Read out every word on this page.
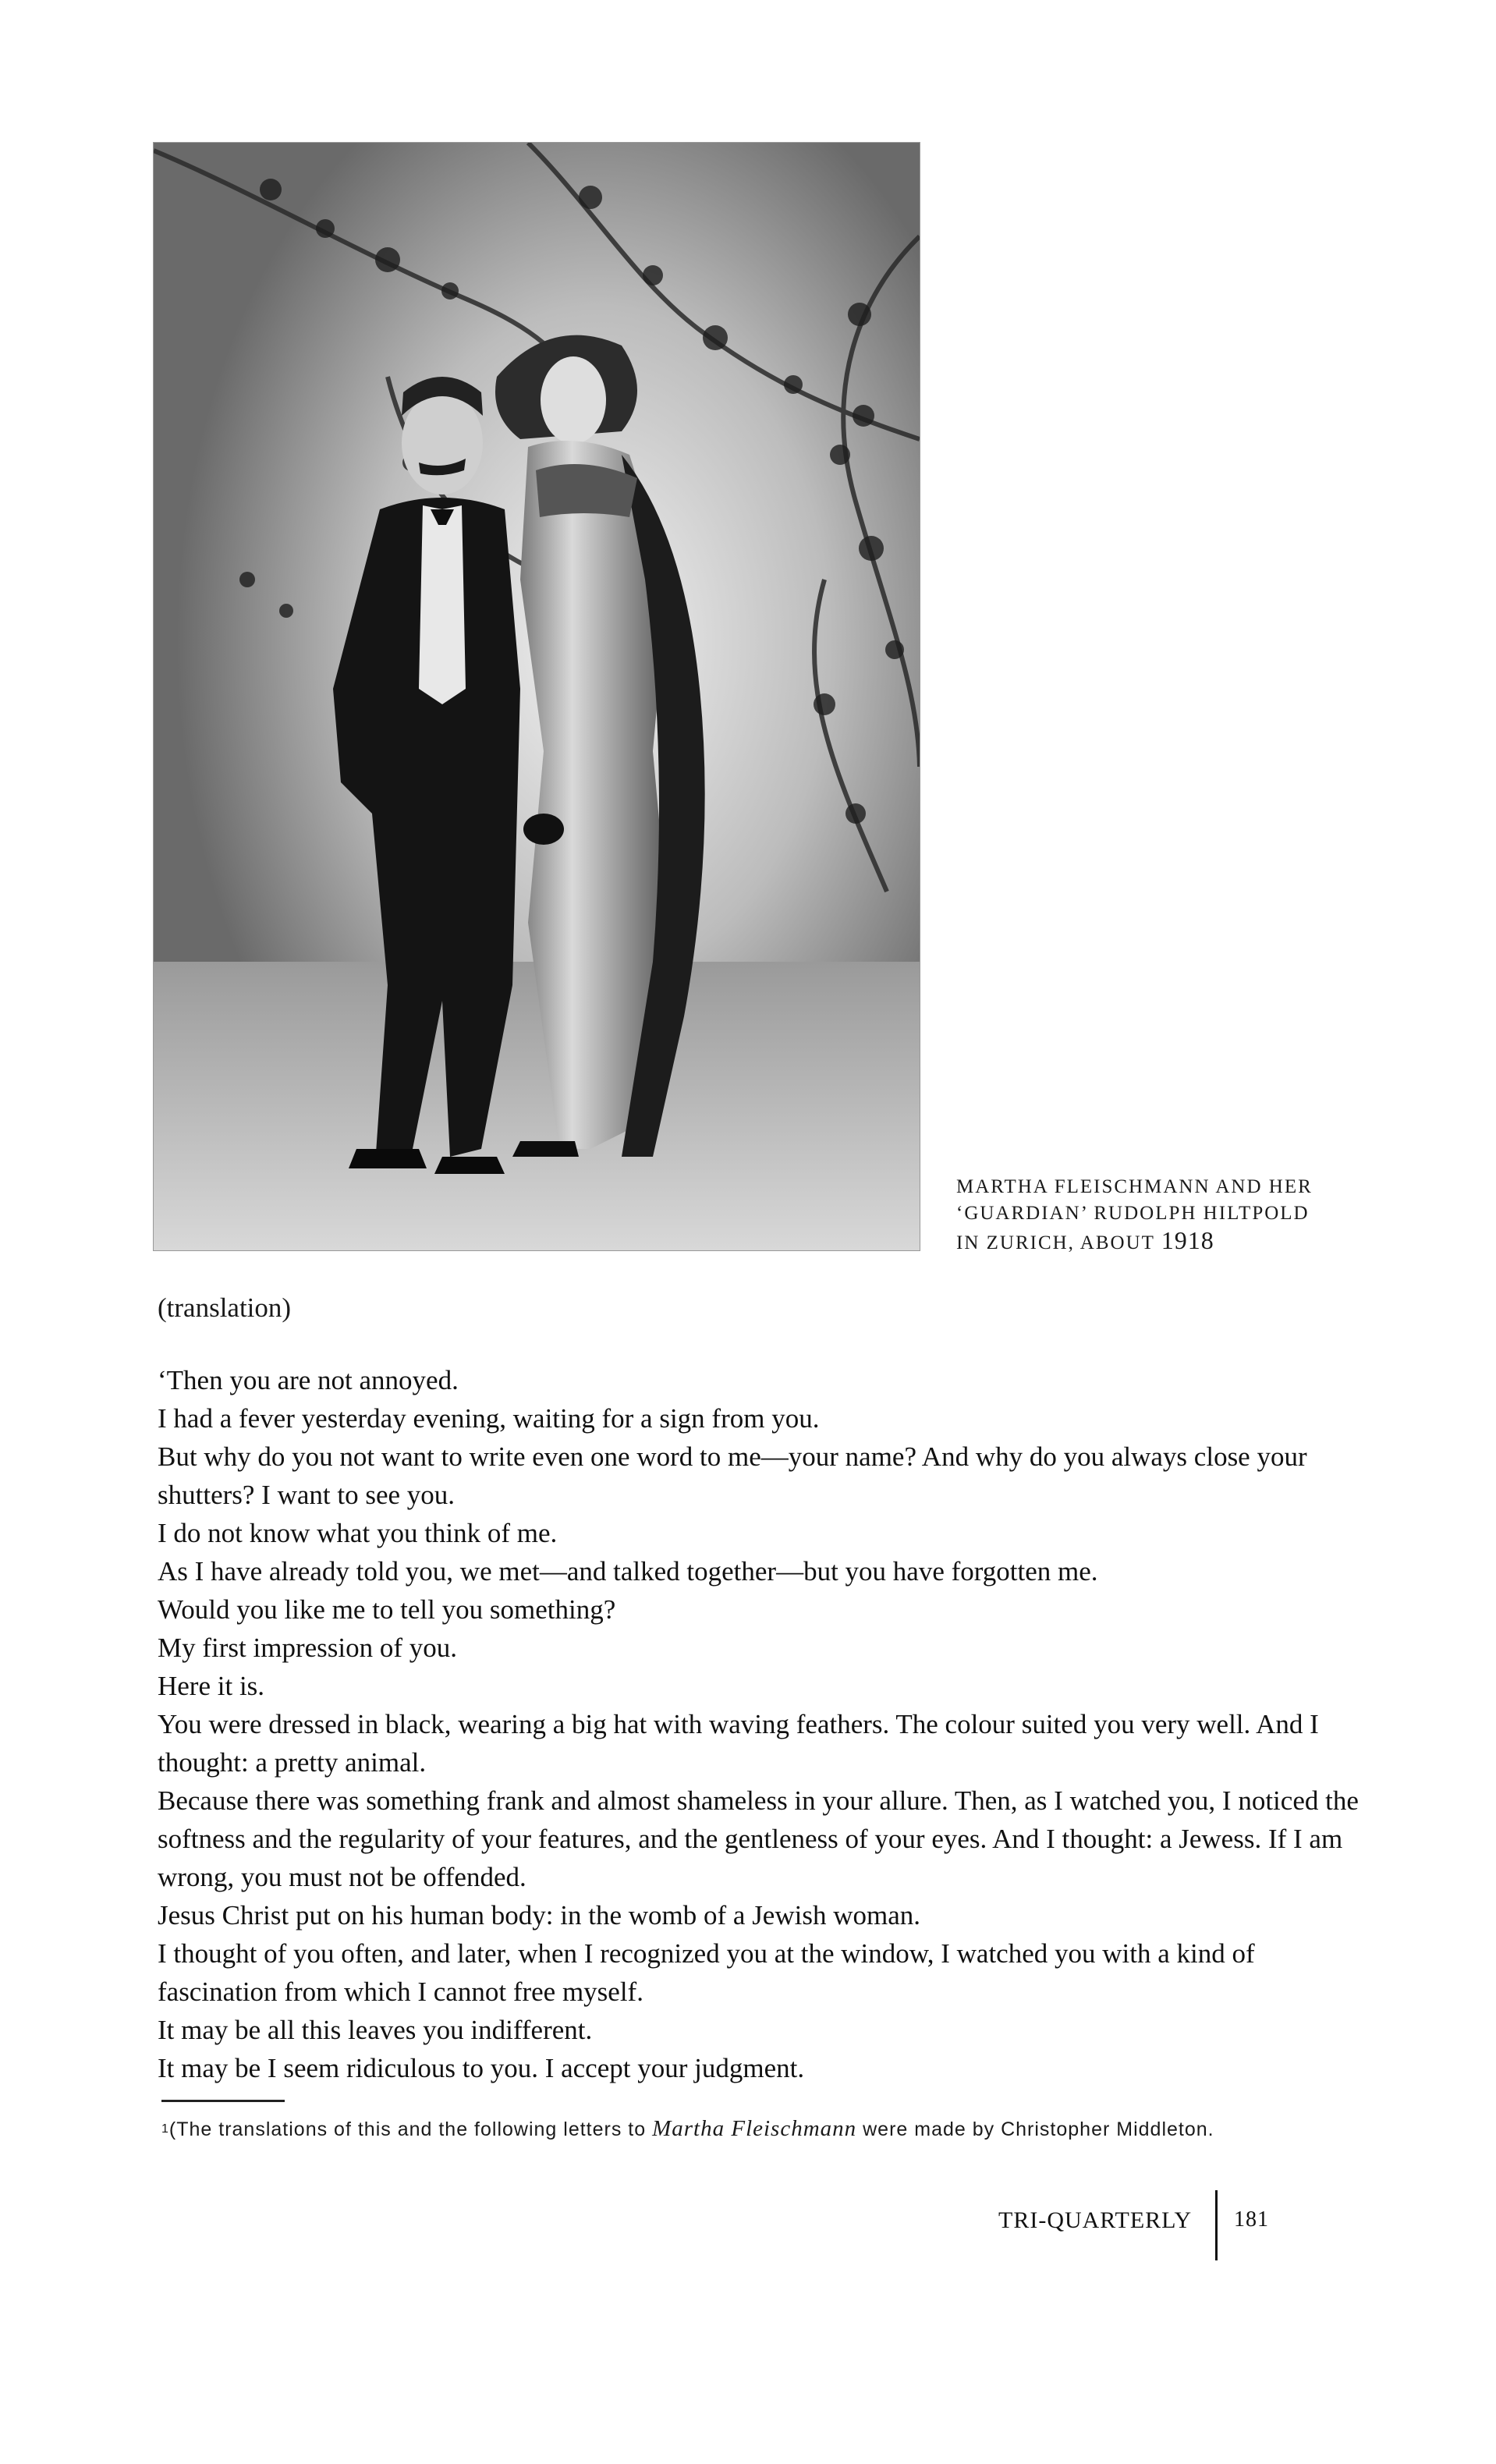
MARTHA FLEISCHMANN AND HER
‘GUARDIAN’ RUDOLPH HILTPOLD
IN ZURICH, ABOUT 1918
(translation)

‘Then you are not annoyed.

I had a fever yesterday evening, waiting for a sign from you.

But why do you not want to write even one word to me—your name? And why do you always close your shutters? I want to see you.

I do not know what you think of me.

As I have already told you, we met—and talked together—but you have forgotten me.

Would you like me to tell you something?

My first impression of you.

Here it is.

You were dressed in black, wearing a big hat with waving feathers. The colour suited you very well. And I thought: a pretty animal.

Because there was something frank and almost shameless in your allure. Then, as I watched you, I noticed the softness and the regularity of your features, and the gentleness of your eyes. And I thought: a Jewess. If I am wrong, you must not be offended.

Jesus Christ put on his human body: in the womb of a Jewish woman.

I thought of you often, and later, when I recognized you at the window, I watched you with a kind of fascination from which I cannot free myself.

It may be all this leaves you indifferent.

It may be I seem ridiculous to you. I accept your judgment.

$^1$(The translations of this and the following letters to Martha Fleischmann were made by Christopher Middleton.
TRI-QUARTERLY 181
